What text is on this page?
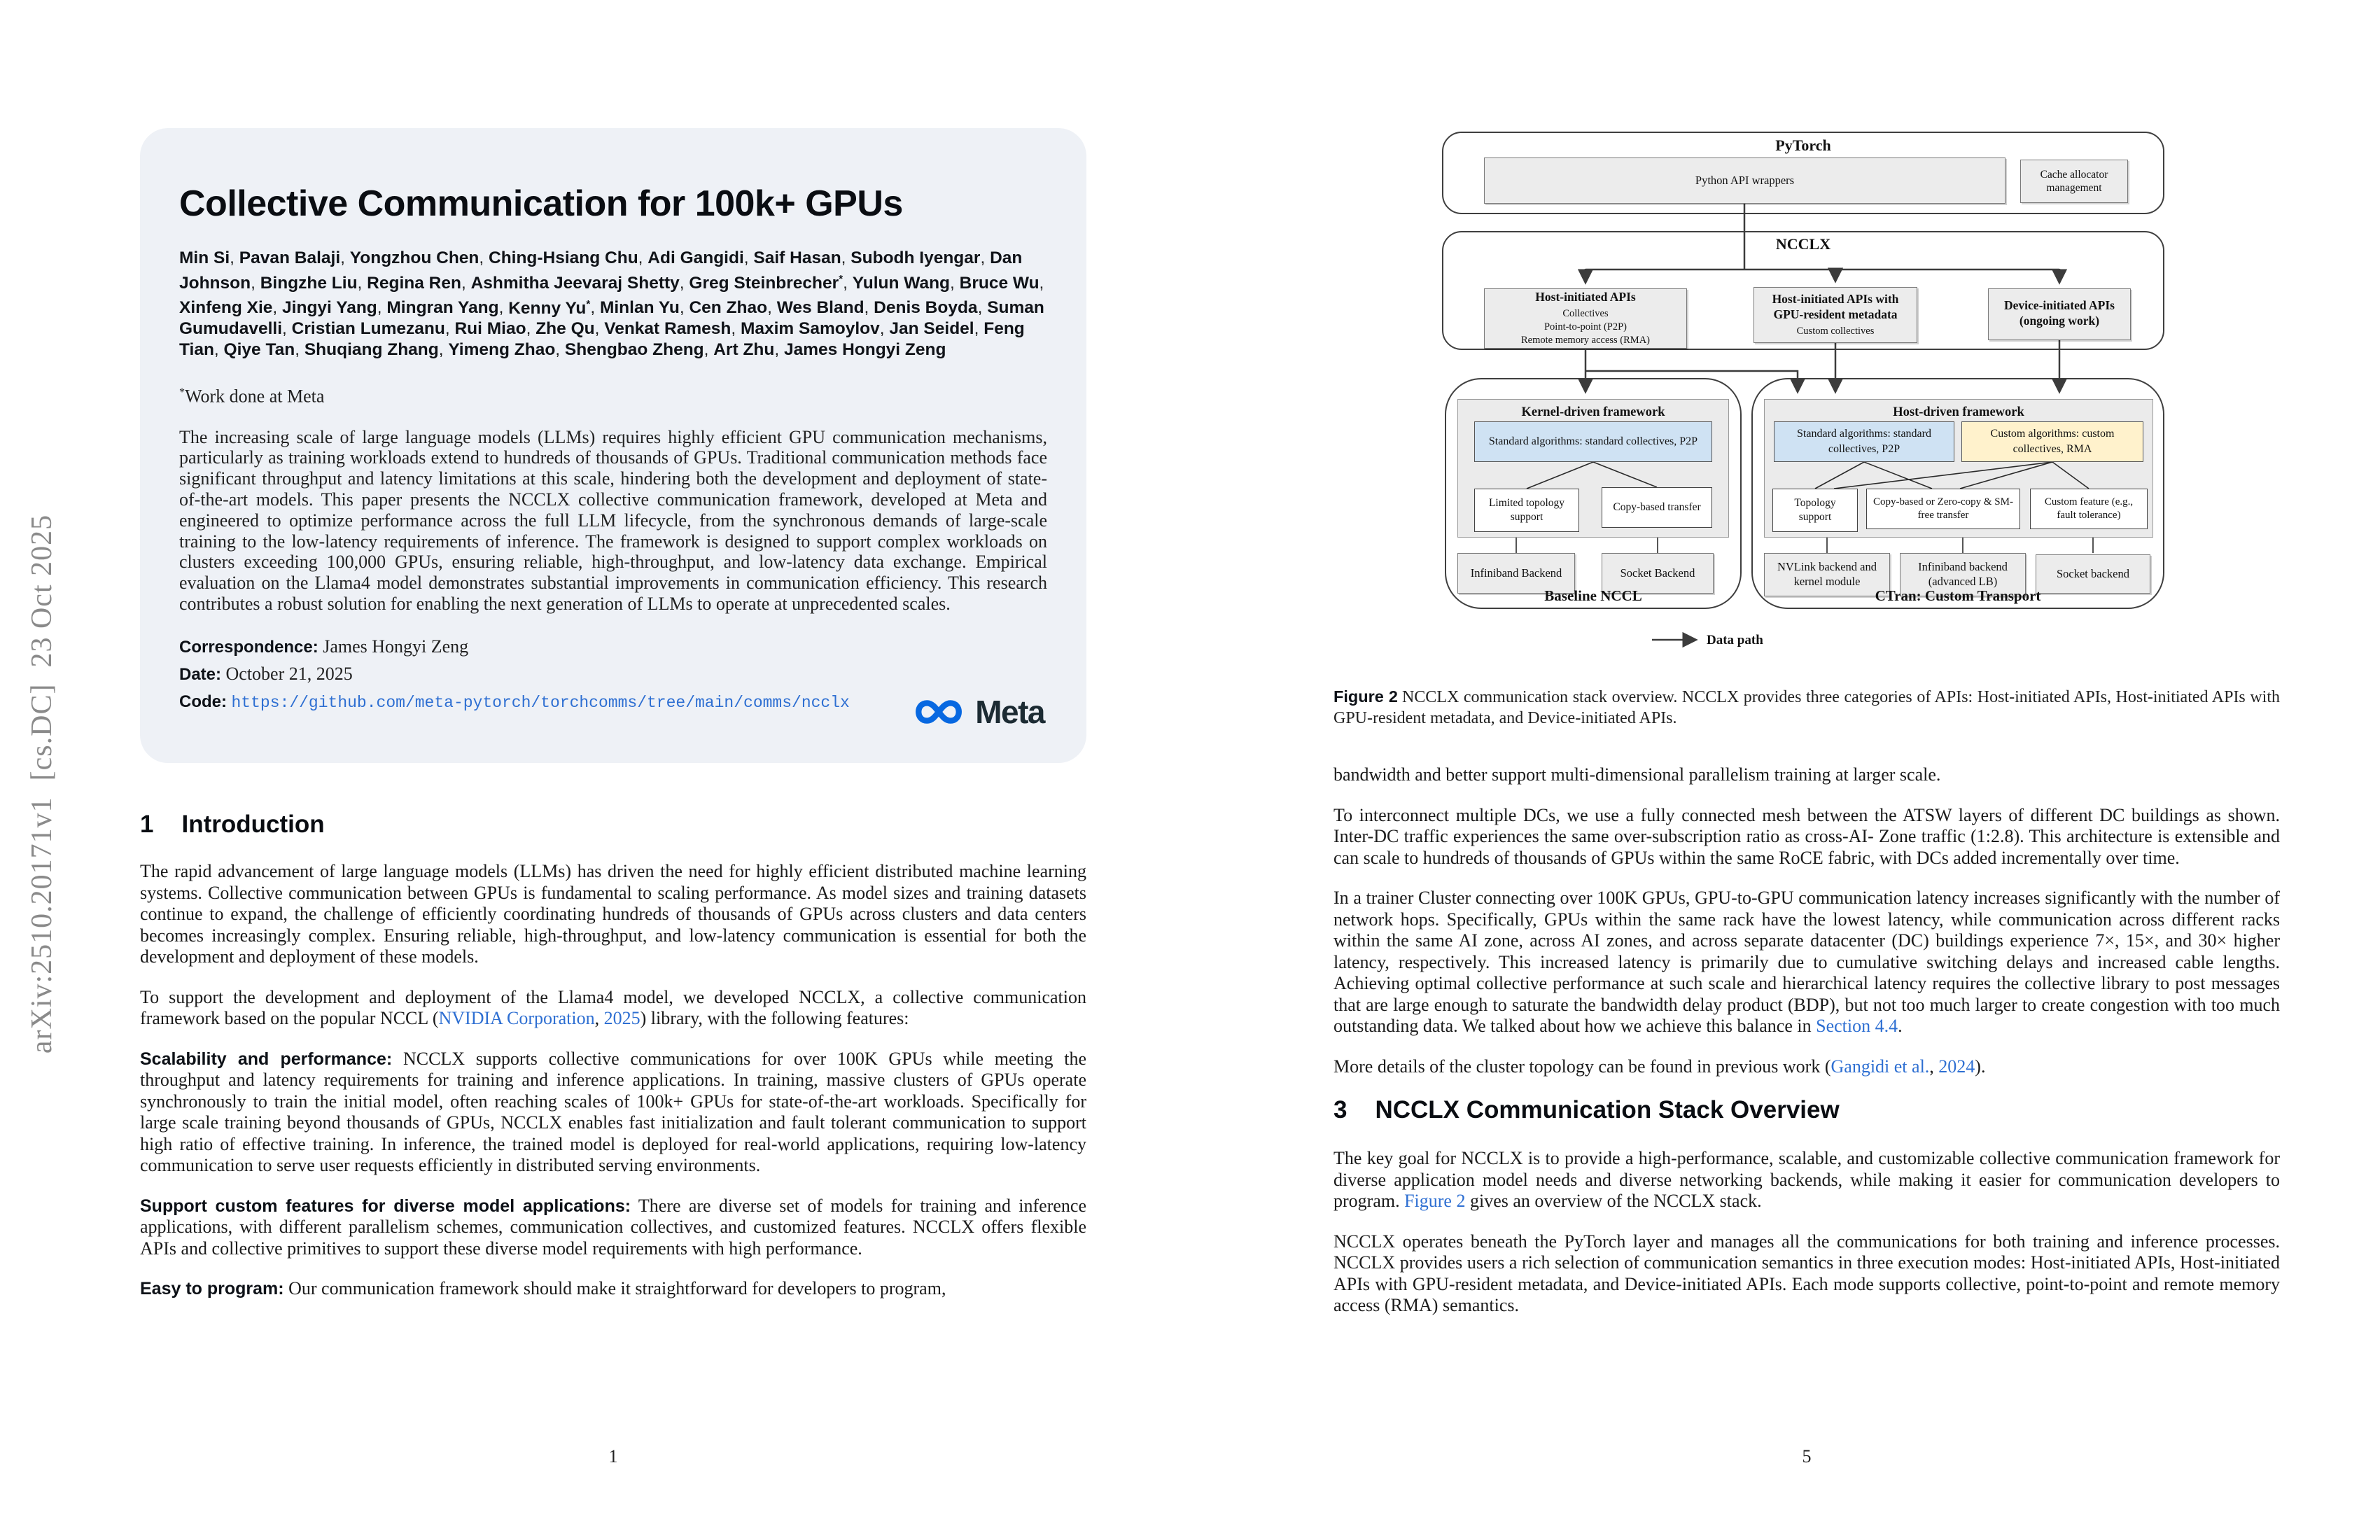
arXiv:2510.20171v1  [cs.DC]  23 Oct 2025
Collective Communication for 100k+ GPUs

Min Si, Pavan Balaji, Yongzhou Chen, Ching-Hsiang Chu, Adi Gangidi, Saif Hasan, Subodh Iyengar, Dan Johnson, Bingzhe Liu, Regina Ren, Ashmitha Jeevaraj Shetty, Greg Steinbrecher*, Yulun Wang, Bruce Wu, Xinfeng Xie, Jingyi Yang, Mingran Yang, Kenny Yu*, Minlan Yu, Cen Zhao, Wes Bland, Denis Boyda, Suman Gumudavelli, Cristian Lumezanu, Rui Miao, Zhe Qu, Venkat Ramesh, Maxim Samoylov, Jan Seidel, Feng Tian, Qiye Tan, Shuqiang Zhang, Yimeng Zhao, Shengbao Zheng, Art Zhu, James Hongyi Zeng

*Work done at Meta

The increasing scale of large language models (LLMs) requires highly efficient GPU communication mechanisms, particularly as training workloads extend to hundreds of thousands of GPUs. Traditional communication methods face significant throughput and latency limitations at this scale, hindering both the development and deployment of state-of-the-art models. This paper presents the NCCLX collective communication framework, developed at Meta and engineered to optimize performance across the full LLM lifecycle, from the synchronous demands of large-scale training to the low-latency requirements of inference. The framework is designed to support complex workloads on clusters exceeding 100,000 GPUs, ensuring reliable, high-throughput, and low-latency data exchange. Empirical evaluation on the Llama4 model demonstrates substantial improvements in communication efficiency. This research contributes a robust solution for enabling the next generation of LLMs to operate at unprecedented scales.

Correspondence: James Hongyi Zeng

Date: October 21, 2025

Code: https://github.com/meta-pytorch/torchcomms/tree/main/comms/ncclx	Meta
1 Introduction

The rapid advancement of large language models (LLMs) has driven the need for highly efficient distributed machine learning systems. Collective communication between GPUs is fundamental to scaling performance. As model sizes and training datasets continue to expand, the challenge of efficiently coordinating hundreds of thousands of GPUs across clusters and data centers becomes increasingly complex. Ensuring reliable, high-throughput, and low-latency communication is essential for both the development and deployment of these models.

To support the development and deployment of the Llama4 model, we developed NCCLX, a collective communication framework based on the popular NCCL (NVIDIA Corporation, 2025) library, with the following features:

Scalability and performance: NCCLX supports collective communications for over 100K GPUs while meeting the throughput and latency requirements for training and inference applications. In training, massive clusters of GPUs operate synchronously to train the initial model, often reaching scales of 100k+ GPUs for state-of-the-art workloads. Specifically for large scale training beyond thousands of GPUs, NCCLX enables fast initialization and fault tolerant communication to support high ratio of effective training. In inference, the trained model is deployed for real-world applications, requiring low-latency communication to serve user requests efficiently in distributed serving environments.

Support custom features for diverse model applications: There are diverse set of models for training and inference applications, with different parallelism schemes, communication collectives, and customized features. NCCLX offers flexible APIs and collective primitives to support these diverse model requirements with high performance.

Easy to program: Our communication framework should make it straightforward for developers to program,

1
PyTorch
Python API wrappers	Cache allocator management
NCCLX
Host-initiated APIs
Collectives
Point-to-point (P2P)
Remote memory access (RMA)
Host-initiated APIs with GPU-resident metadata
Custom collectives
Device-initiated APIs (ongoing work)
Kernel-driven framework
Standard algorithms: standard collectives, P2P
Limited topology support
Copy-based transfer
Infiniband Backend	Socket Backend
Baseline NCCL
Host-driven framework
Standard algorithms: standard collectives, P2P
Custom algorithms: custom collectives, RMA
Topology support
Copy-based or Zero-copy & SM-free transfer
Custom feature (e.g., fault tolerance)
NVLink backend and kernel module
Infiniband backend (advanced LB)
Socket backend
CTran: Custom Transport
Data path
Figure 2 NCCLX communication stack overview. NCCLX provides three categories of APIs: Host-initiated APIs, Host-initiated APIs with GPU-resident metadata, and Device-initiated APIs.

bandwidth and better support multi-dimensional parallelism training at larger scale.

To interconnect multiple DCs, we use a fully connected mesh between the ATSW layers of different DC buildings as shown. Inter-DC traffic experiences the same over-subscription ratio as cross-AI- Zone traffic (1:2.8). This architecture is extensible and can scale to hundreds of thousands of GPUs within the same RoCE fabric, with DCs added incrementally over time.

In a trainer Cluster connecting over 100K GPUs, GPU-to-GPU communication latency increases significantly with the number of network hops. Specifically, GPUs within the same rack have the lowest latency, while communication across different racks within the same AI zone, across AI zones, and across separate datacenter (DC) buildings experience 7×, 15×, and 30× higher latency, respectively. This increased latency is primarily due to cumulative switching delays and increased cable lengths. Achieving optimal collective performance at such scale and hierarchical latency requires the collective library to post messages that are large enough to saturate the bandwidth delay product (BDP), but not too much larger to create congestion with too much outstanding data. We talked about how we achieve this balance in Section 4.4.

More details of the cluster topology can be found in previous work (Gangidi et al., 2024).

3 NCCLX Communication Stack Overview

The key goal for NCCLX is to provide a high-performance, scalable, and customizable collective communication framework for diverse application model needs and diverse networking backends, while making it easier for communication developers to program. Figure 2 gives an overview of the NCCLX stack.

NCCLX operates beneath the PyTorch layer and manages all the communications for both training and inference processes. NCCLX provides users a rich selection of communication semantics in three execution modes: Host-initiated APIs, Host-initiated APIs with GPU-resident metadata, and Device-initiated APIs. Each mode supports collective, point-to-point and remote memory access (RMA) semantics.

5
